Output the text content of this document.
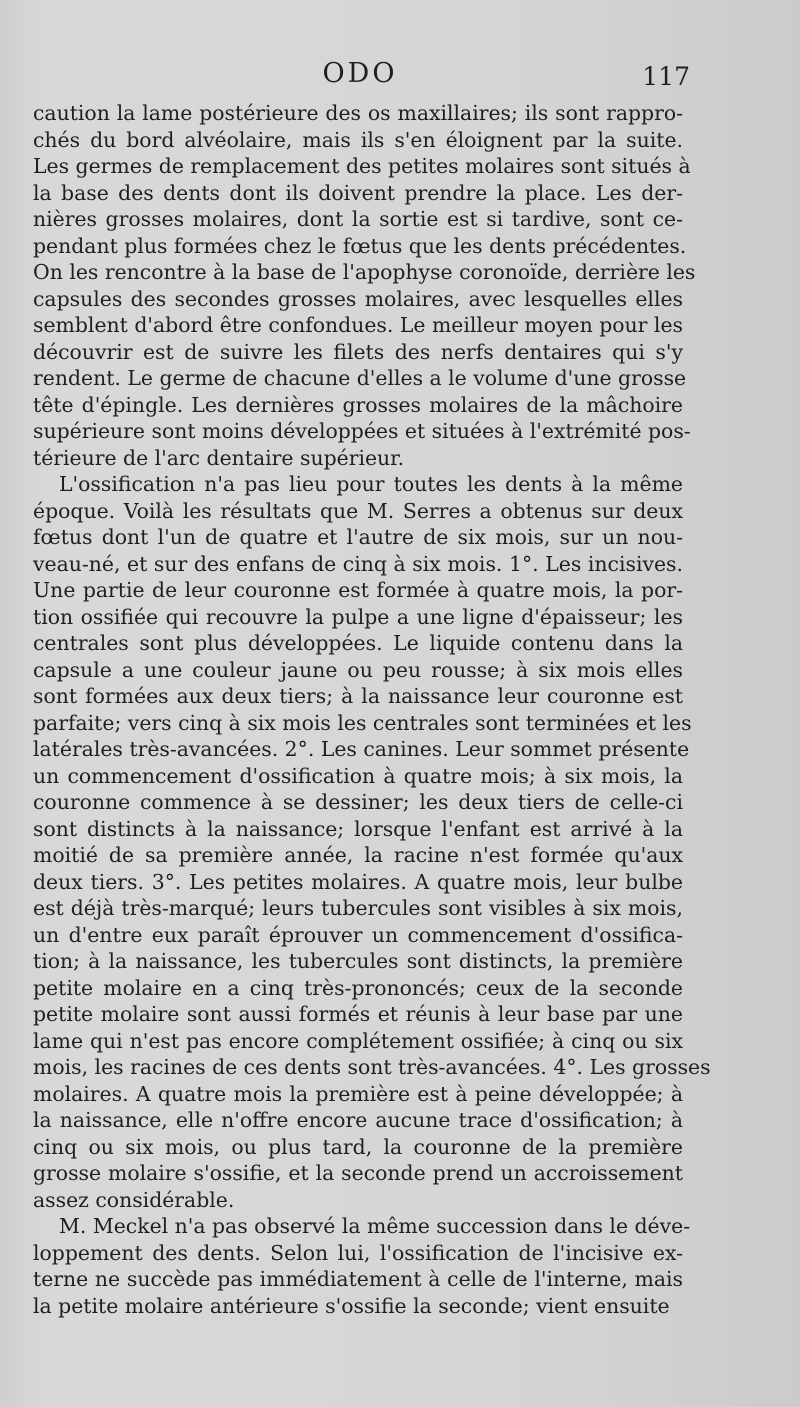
ODO	117

caution la lame postérieure des os maxillaires; ils sont rappro-
chés du bord alvéolaire, mais ils s'en éloignent par la suite.
Les germes de remplacement des petites molaires sont situés à
la base des dents dont ils doivent prendre la place. Les der-
nières grosses molaires, dont la sortie est si tardive, sont ce-
pendant plus formées chez le fœtus que les dents précédentes.
On les rencontre à la base de l'apophyse coronoïde, derrière les
capsules des secondes grosses molaires, avec lesquelles elles
semblent d'abord être confondues. Le meilleur moyen pour les
découvrir est de suivre les filets des nerfs dentaires qui s'y
rendent. Le germe de chacune d'elles a le volume d'une grosse
tête d'épingle. Les dernières grosses molaires de la mâchoire
supérieure sont moins développées et situées à l'extrémité pos-
térieure de l'arc dentaire supérieur.

L'ossification n'a pas lieu pour toutes les dents à la même
époque. Voilà les résultats que M. Serres a obtenus sur deux
fœtus dont l'un de quatre et l'autre de six mois, sur un nou-
veau-né, et sur des enfans de cinq à six mois. 1°. Les incisives.
Une partie de leur couronne est formée à quatre mois, la por-
tion ossifiée qui recouvre la pulpe a une ligne d'épaisseur; les
centrales sont plus développées. Le liquide contenu dans la
capsule a une couleur jaune ou peu rousse; à six mois elles
sont formées aux deux tiers; à la naissance leur couronne est
parfaite; vers cinq à six mois les centrales sont terminées et les
latérales très-avancées. 2°. Les canines. Leur sommet présente
un commencement d'ossification à quatre mois; à six mois, la
couronne commence à se dessiner; les deux tiers de celle-ci
sont distincts à la naissance; lorsque l'enfant est arrivé à la
moitié de sa première année, la racine n'est formée qu'aux
deux tiers. 3°. Les petites molaires. A quatre mois, leur bulbe
est déjà très-marqué; leurs tubercules sont visibles à six mois,
un d'entre eux paraît éprouver un commencement d'ossifica-
tion; à la naissance, les tubercules sont distincts, la première
petite molaire en a cinq très-prononcés; ceux de la seconde
petite molaire sont aussi formés et réunis à leur base par une
lame qui n'est pas encore complétement ossifiée; à cinq ou six
mois, les racines de ces dents sont très-avancées. 4°. Les grosses
molaires. A quatre mois la première est à peine développée; à
la naissance, elle n'offre encore aucune trace d'ossification; à
cinq ou six mois, ou plus tard, la couronne de la première
grosse molaire s'ossifie, et la seconde prend un accroissement
assez considérable.

M. Meckel n'a pas observé la même succession dans le déve-
loppement des dents. Selon lui, l'ossification de l'incisive ex-
terne ne succède pas immédiatement à celle de l'interne, mais
la petite molaire antérieure s'ossifie la seconde; vient ensuite
